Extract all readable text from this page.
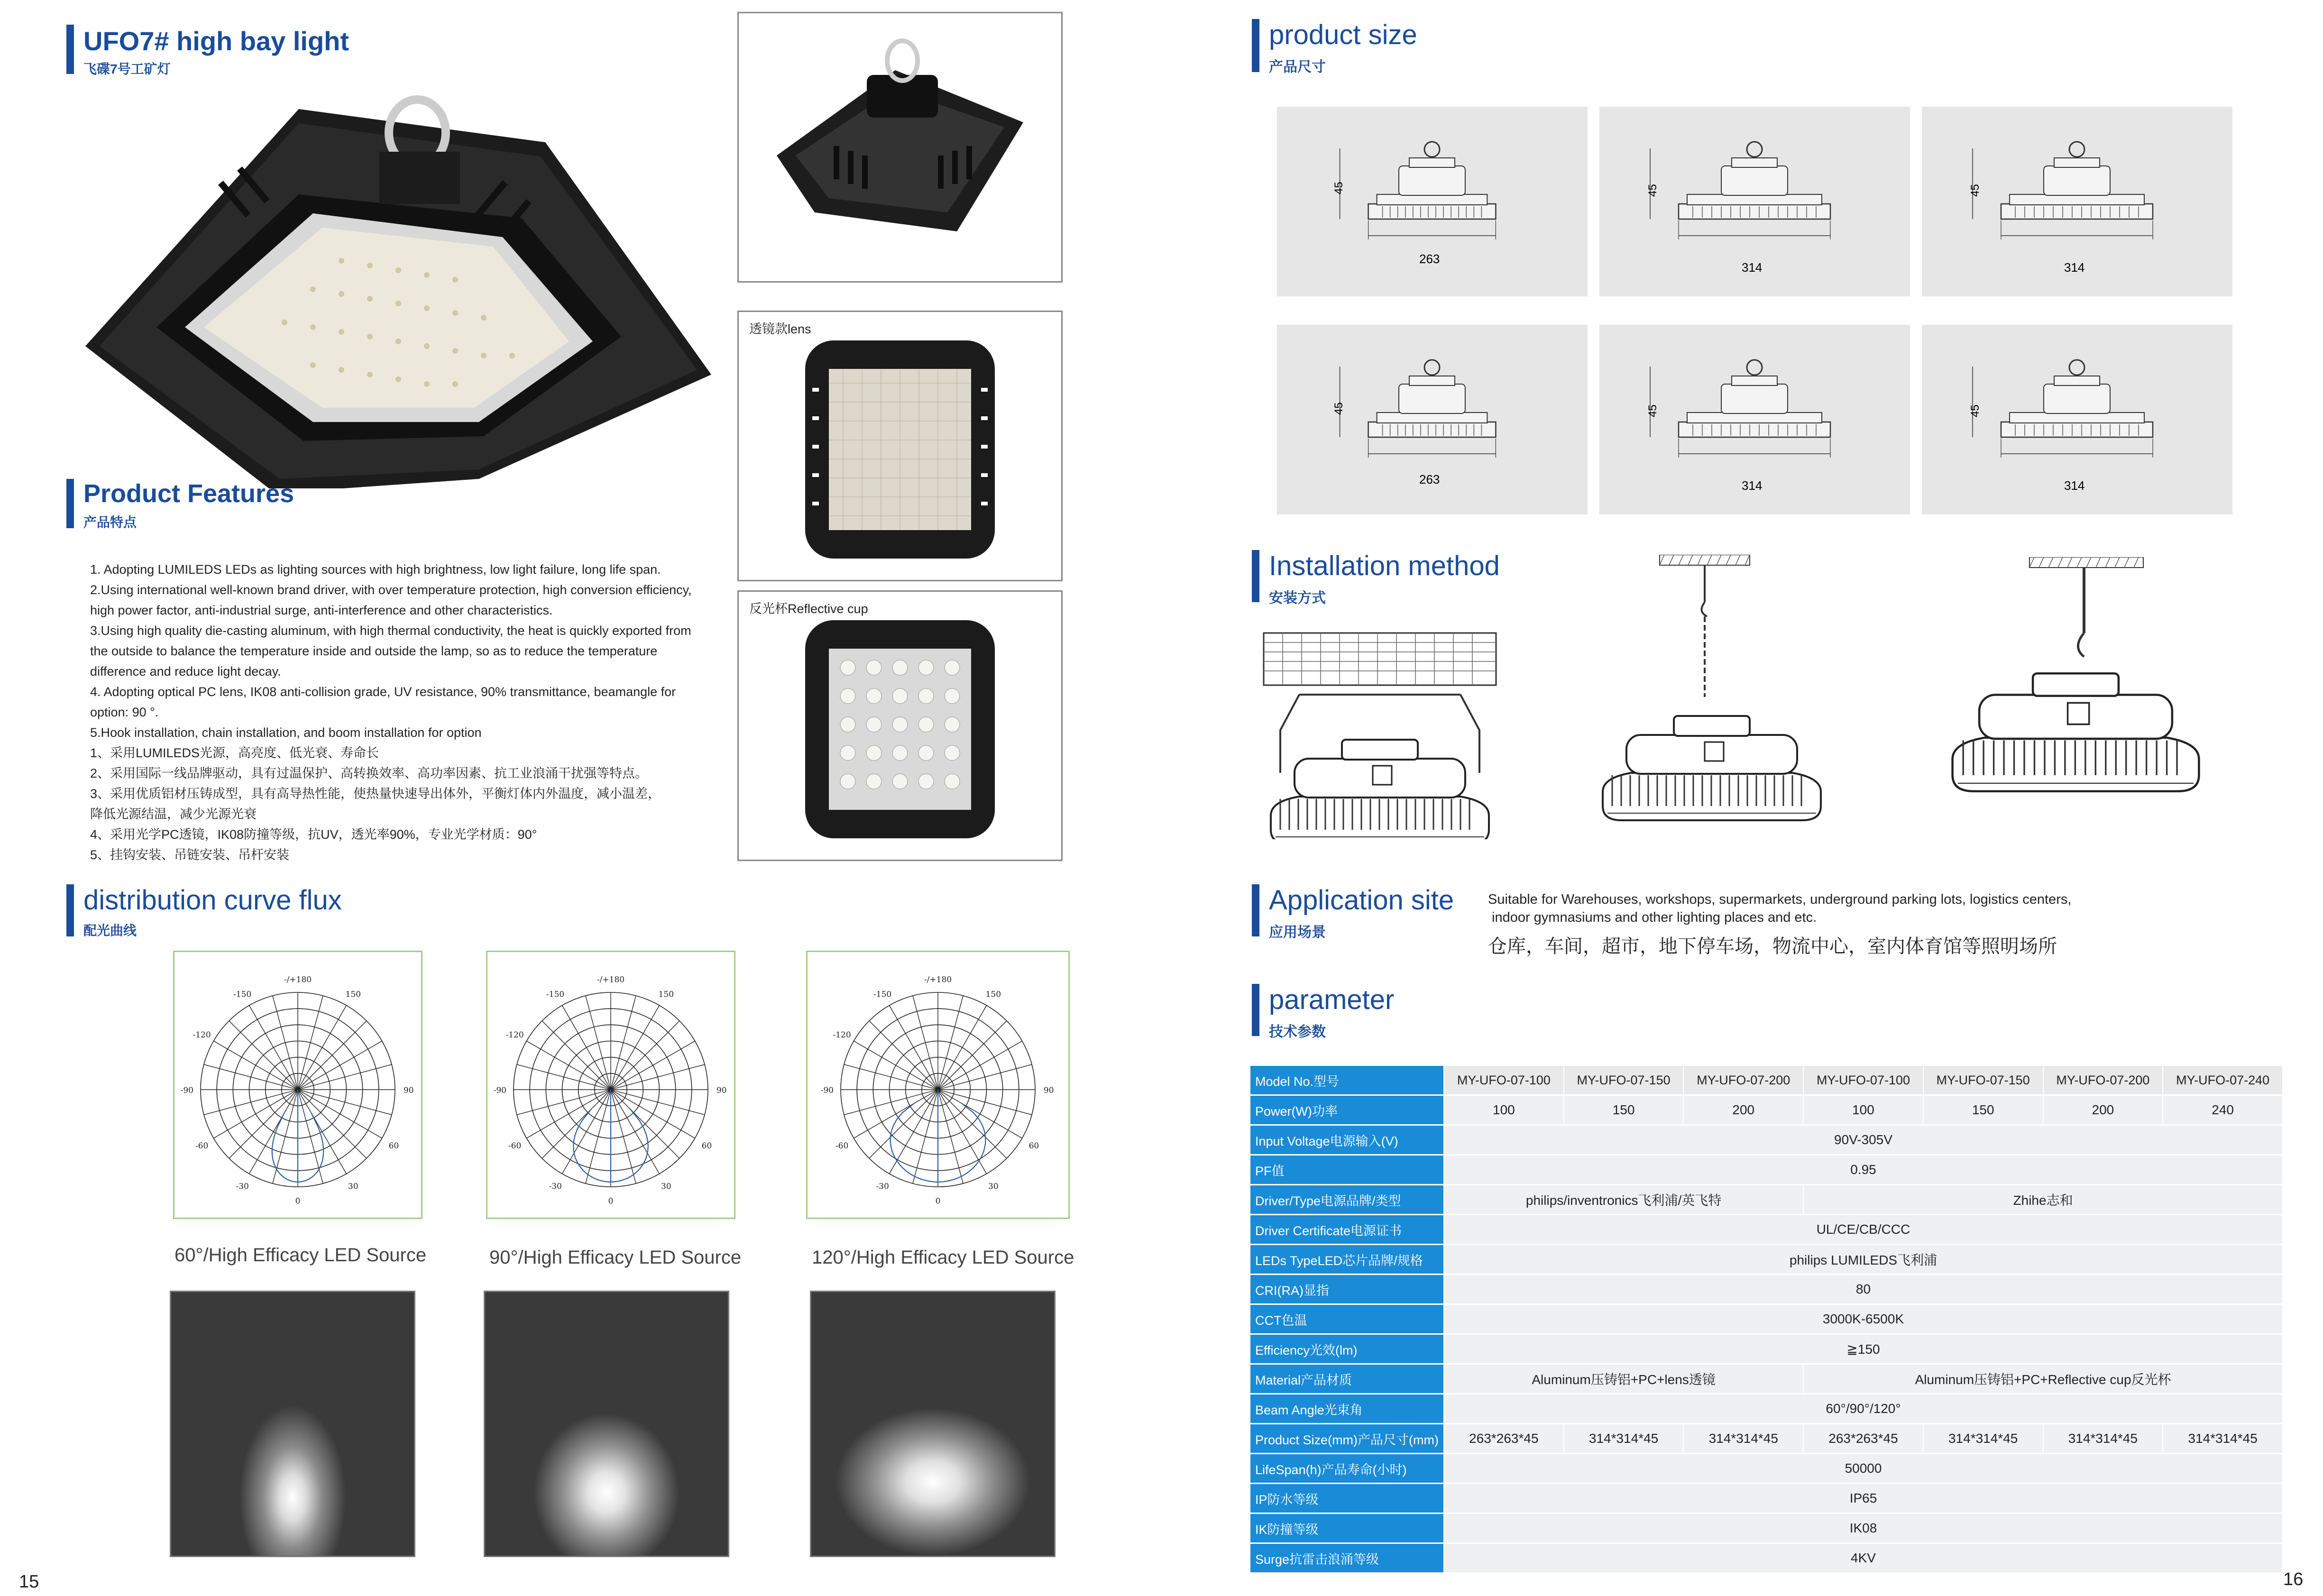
UFO7# high bay light
飞碟7号工矿灯
透镜款lens
反光杯Reflective cup
Product Features
产品特点
1. Adopting LUMILEDS LEDs as lighting sources with high brightness, low light failure, long life span.
2.Using international well-known brand driver, with over temperature protection, high conversion efficiency,
high power factor, anti-industrial surge, anti-interference and other characteristics.
3.Using high quality die-casting aluminum, with high thermal conductivity, the heat is quickly exported from
the outside to balance the temperature inside and outside the lamp, so as to reduce the temperature
difference and reduce light decay.
4. Adopting optical PC lens, IK08 anti-collision grade, UV resistance, 90% transmittance, beamangle for
option: 90 °.
5.Hook installation, chain installation, and boom installation for option
1、采用LUMILEDS光源，高亮度、低光衰、寿命长
2、采用国际一线品牌驱动，具有过温保护、高转换效率、高功率因素、抗工业浪涌干扰强等特点。
3、采用优质铝材压铸成型，具有高导热性能，使热量快速导出体外，平衡灯体内外温度，减小温差，
降低光源结温，减少光源光衰
4、采用光学PC透镜，IK08防撞等级，抗UV，透光率90%，专业光学材质：90°
5、挂钩安装、吊链安装、吊杆安装
distribution curve flux
配光曲线
-/+180
150
-150
-120
-90	90
-60	60
-30	30
0
-/+180
150
-150
-120
-90	90
-60	60
-30	30
0
-/+180
150
-150
-120
-90	90
-60	60
-30	30
0
60°/High Efficacy LED Source	90°/High Efficacy LED Source	120°/High Efficacy LED Source
15
product size
产品尺寸
45
263
45
314
45
314
45
263
45
314
45
314
Installation method
安装方式
Application site
应用场景
Suitable for Warehouses, workshops, supermarkets, underground parking lots, logistics centers,
indoor gymnasiums and other lighting places and etc.
仓库，车间，超市，地下停车场，物流中心，室内体育馆等照明场所
parameter
技术参数
Model No.型号	MY-UFO-07-100	MY-UFO-07-150	MY-UFO-07-200	MY-UFO-07-100	MY-UFO-07-150	MY-UFO-07-200	MY-UFO-07-240
Power(W)功率	100	150	200	100	150	200	240
Input Voltage电源输入(V)	90V-305V						
PF值	0.95						
Driver/Type电源品牌/类型	philips/inventronics飞利浦/英飞特			Zhihe志和			
Driver Certificate电源证书	UL/CE/CB/CCC						
LEDs TypeLED芯片品牌/规格	philips LUMILEDS飞利浦						
CRI(RA)显指	80						
CCT色温	3000K-6500K						
Efficiency光效(lm)	≧150						
Material产品材质	Aluminum压铸铝+PC+lens透镜			Aluminum压铸铝+PC+Reflective cup反光杯			
Beam Angle光束角	60°/90°/120°						
Product Size(mm)产品尺寸(mm)	263*263*45	314*314*45	314*314*45	263*263*45	314*314*45	314*314*45	314*314*45
LifeSpan(h)产品寿命(小时)	50000						
IP防水等级	IP65						
IK防撞等级	IK08						
Surge抗雷击浪涌等级	4KV						
16
